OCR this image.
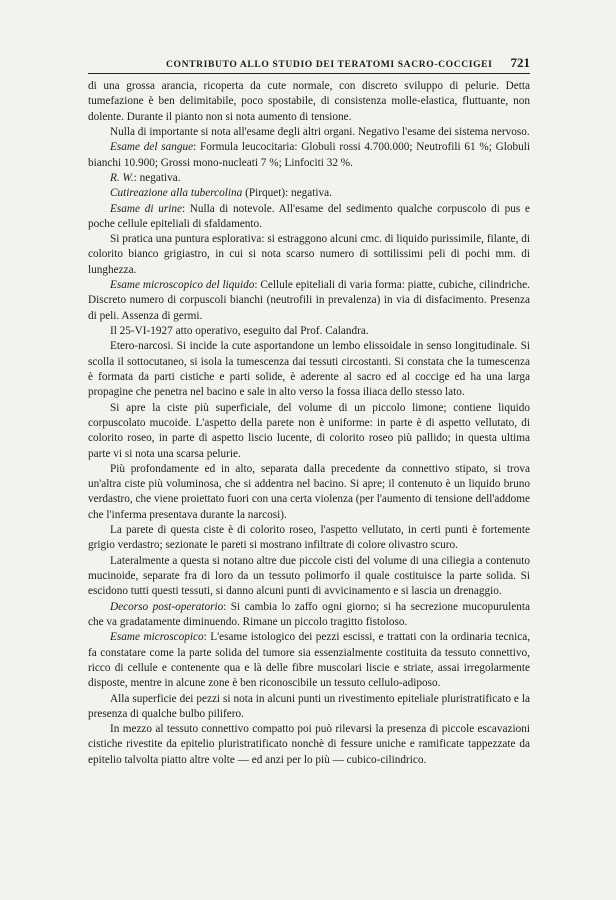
CONTRIBUTO ALLO STUDIO DEI TERATOMI SACRO-COCCIGEI	721

di una grossa arancia, ricoperta da cute normale, con discreto sviluppo di pelurie. Detta tumefazione è ben delimitabile, poco spostabile, di consistenza molle-elastica, fluttuante, non dolente. Durante il pianto non si nota aumento di tensione.

Nulla di importante si nota all'esame degli altri organi. Negativo l'esame dei sistema nervoso.

Esame del sangue: Formula leucocitaria: Globuli rossi 4.700.000; Neutrofili 61 %; Globuli bianchi 10.900; Grossi mono-nucleati 7 %; Linfociti 32 %.

R. W.: negativa.

Cutireazione alla tubercolina (Pirquet): negativa.

Esame di urine: Nulla di notevole. All'esame del sedimento qualche corpuscolo di pus e poche cellule epiteliali di sfaldamento.

Si pratica una puntura esplorativa: si estraggono alcuni cmc. di liquido purissimile, filante, di colorito bianco grigiastro, in cui si nota scarso numero di sottilissimi peli di pochi mm. di lunghezza.

Esame microscopico del liquido: Cellule epiteliali di varia forma: piatte, cubiche, cilindriche. Discreto numero di corpuscoli bianchi (neutrofili in prevalenza) in via di disfacimento. Presenza di peli. Assenza di germi.

Il 25-VI-1927 atto operativo, eseguito dal Prof. Calandra.

Etero-narcosi. Si incide la cute asportandone un lembo elissoidale in senso longitudinale. Si scolla il sottocutaneo, si isola la tumescenza dai tessuti circostanti. Si constata che la tumescenza è formata da parti cistiche e parti solide, è aderente al sacro ed al coccige ed ha una larga propagine che penetra nel bacino e sale in alto verso la fossa iliaca dello stesso lato.

Si apre la ciste più superficiale, del volume di un piccolo limone; contiene liquido corpuscolato mucoide. L'aspetto della parete non è uniforme: in parte è di aspetto vellutato, di colorito roseo, in parte di aspetto liscio lucente, di colorito roseo più pallido; in questa ultima parte vi si nota una scarsa pelurie.

Più profondamente ed in alto, separata dalla precedente da connettivo stipato, si trova un'altra ciste più voluminosa, che si addentra nel bacino. Si apre; il contenuto è un liquido bruno verdastro, che viene proiettato fuori con una certa violenza (per l'aumento di tensione dell'addome che l'inferma presentava durante la narcosi).

La parete di questa ciste è di colorito roseo, l'aspetto vellutato, in certi punti è fortemente grigio verdastro; sezionate le pareti si mostrano infiltrate di colore olivastro scuro.

Lateralmente a questa si notano altre due piccole cisti del volume di una ciliegia a contenuto mucinoide, separate fra di loro da un tessuto polimorfo il quale costituisce la parte solida. Si escidono tutti questi tessuti, si danno alcuni punti di avvicinamento e si lascia un drenaggio.

Decorso post-operatorio: Si cambia lo zaffo ogni giorno; si ha secrezione mucopurulenta che va gradatamente diminuendo. Rimane un piccolo tragitto fistoloso.

Esame microscopico: L'esame istologico dei pezzi escissi, e trattati con la ordinaria tecnica, fa constatare come la parte solida del tumore sia essenzialmente costituita da tessuto connettivo, ricco di cellule e contenente qua e là delle fibre muscolari liscie e striate, assai irregolarmente disposte, mentre in alcune zone è ben riconoscibile un tessuto cellulo-adiposo.

Alla superficie dei pezzi si nota in alcuni punti un rivestimento epiteliale pluristratificato e la presenza di qualche bulbo pilifero.

In mezzo al tessuto connettivo compatto poi può rilevarsi la presenza di piccole escavazioni cistiche rivestite da epitelio pluristratificato nonchè di fessure uniche e ramificate tappezzate da epitelio talvolta piatto altre volte — ed anzi per lo più — cubico-cilindrico.
